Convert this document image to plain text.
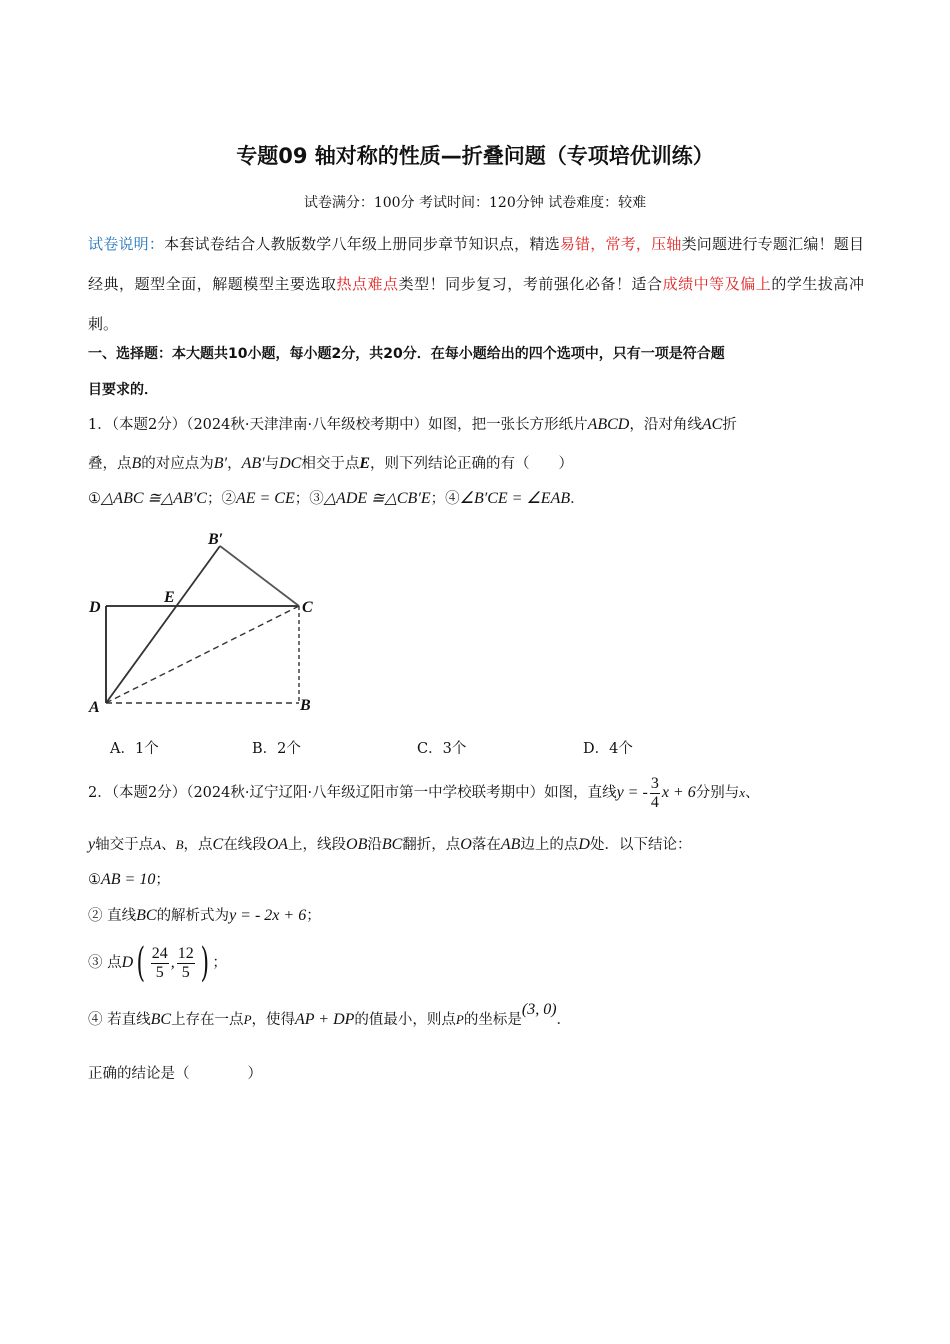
专题09 轴对称的性质—折叠问题（专项培优训练）
试卷满分：100分 考试时间：120分钟 试卷难度：较难
试卷说明：本套试卷结合人教版数学八年级上册同步章节知识点，精选易错，常考，压轴类问题进行专题汇编！题目经典，题型全面，解题模型主要选取热点难点类型！同步复习，考前强化必备！适合成绩中等及偏上的学生拔高冲刺。
一、选择题：本大题共10小题，每小题2分，共20分．在每小题给出的四个选项中，只有一项是符合题
目要求的．
1．（本题2分）（2024秋·天津津南·八年级校考期中）如图，把一张长方形纸片ABCD，沿对角线AC折
叠，点B的对应点为B′，AB′与DC相交于点E，则下列结论正确的有（　　）
①△ABC ≅△AB′C；②AE = CE；③△ADE ≅△CB′E；④∠B′CE = ∠EAB．
B′
D
E
C
A	B
A．1个	B．2个	C．3个	D．4个
2．（本题2分）（2024秋·辽宁辽阳·八年级辽阳市第一中学校联考期中）如图，直线y = - $\frac{3}{4}$ x + 6分别与x、
y轴交于点A、B，点C在线段OA上，线段OB沿BC翻折，点O落在AB边上的点D处．以下结论：
①AB = 10；
② 直线BC的解析式为y = - 2x + 6；
③ 点$D( \frac{24}{5}$ , $\frac{12}{5}$ ) ；
④ 若直线BC上存在一点P，使得AP + DP的值最小，则点P的坐标是(3, 0)．
正确的结论是（　　　　）
